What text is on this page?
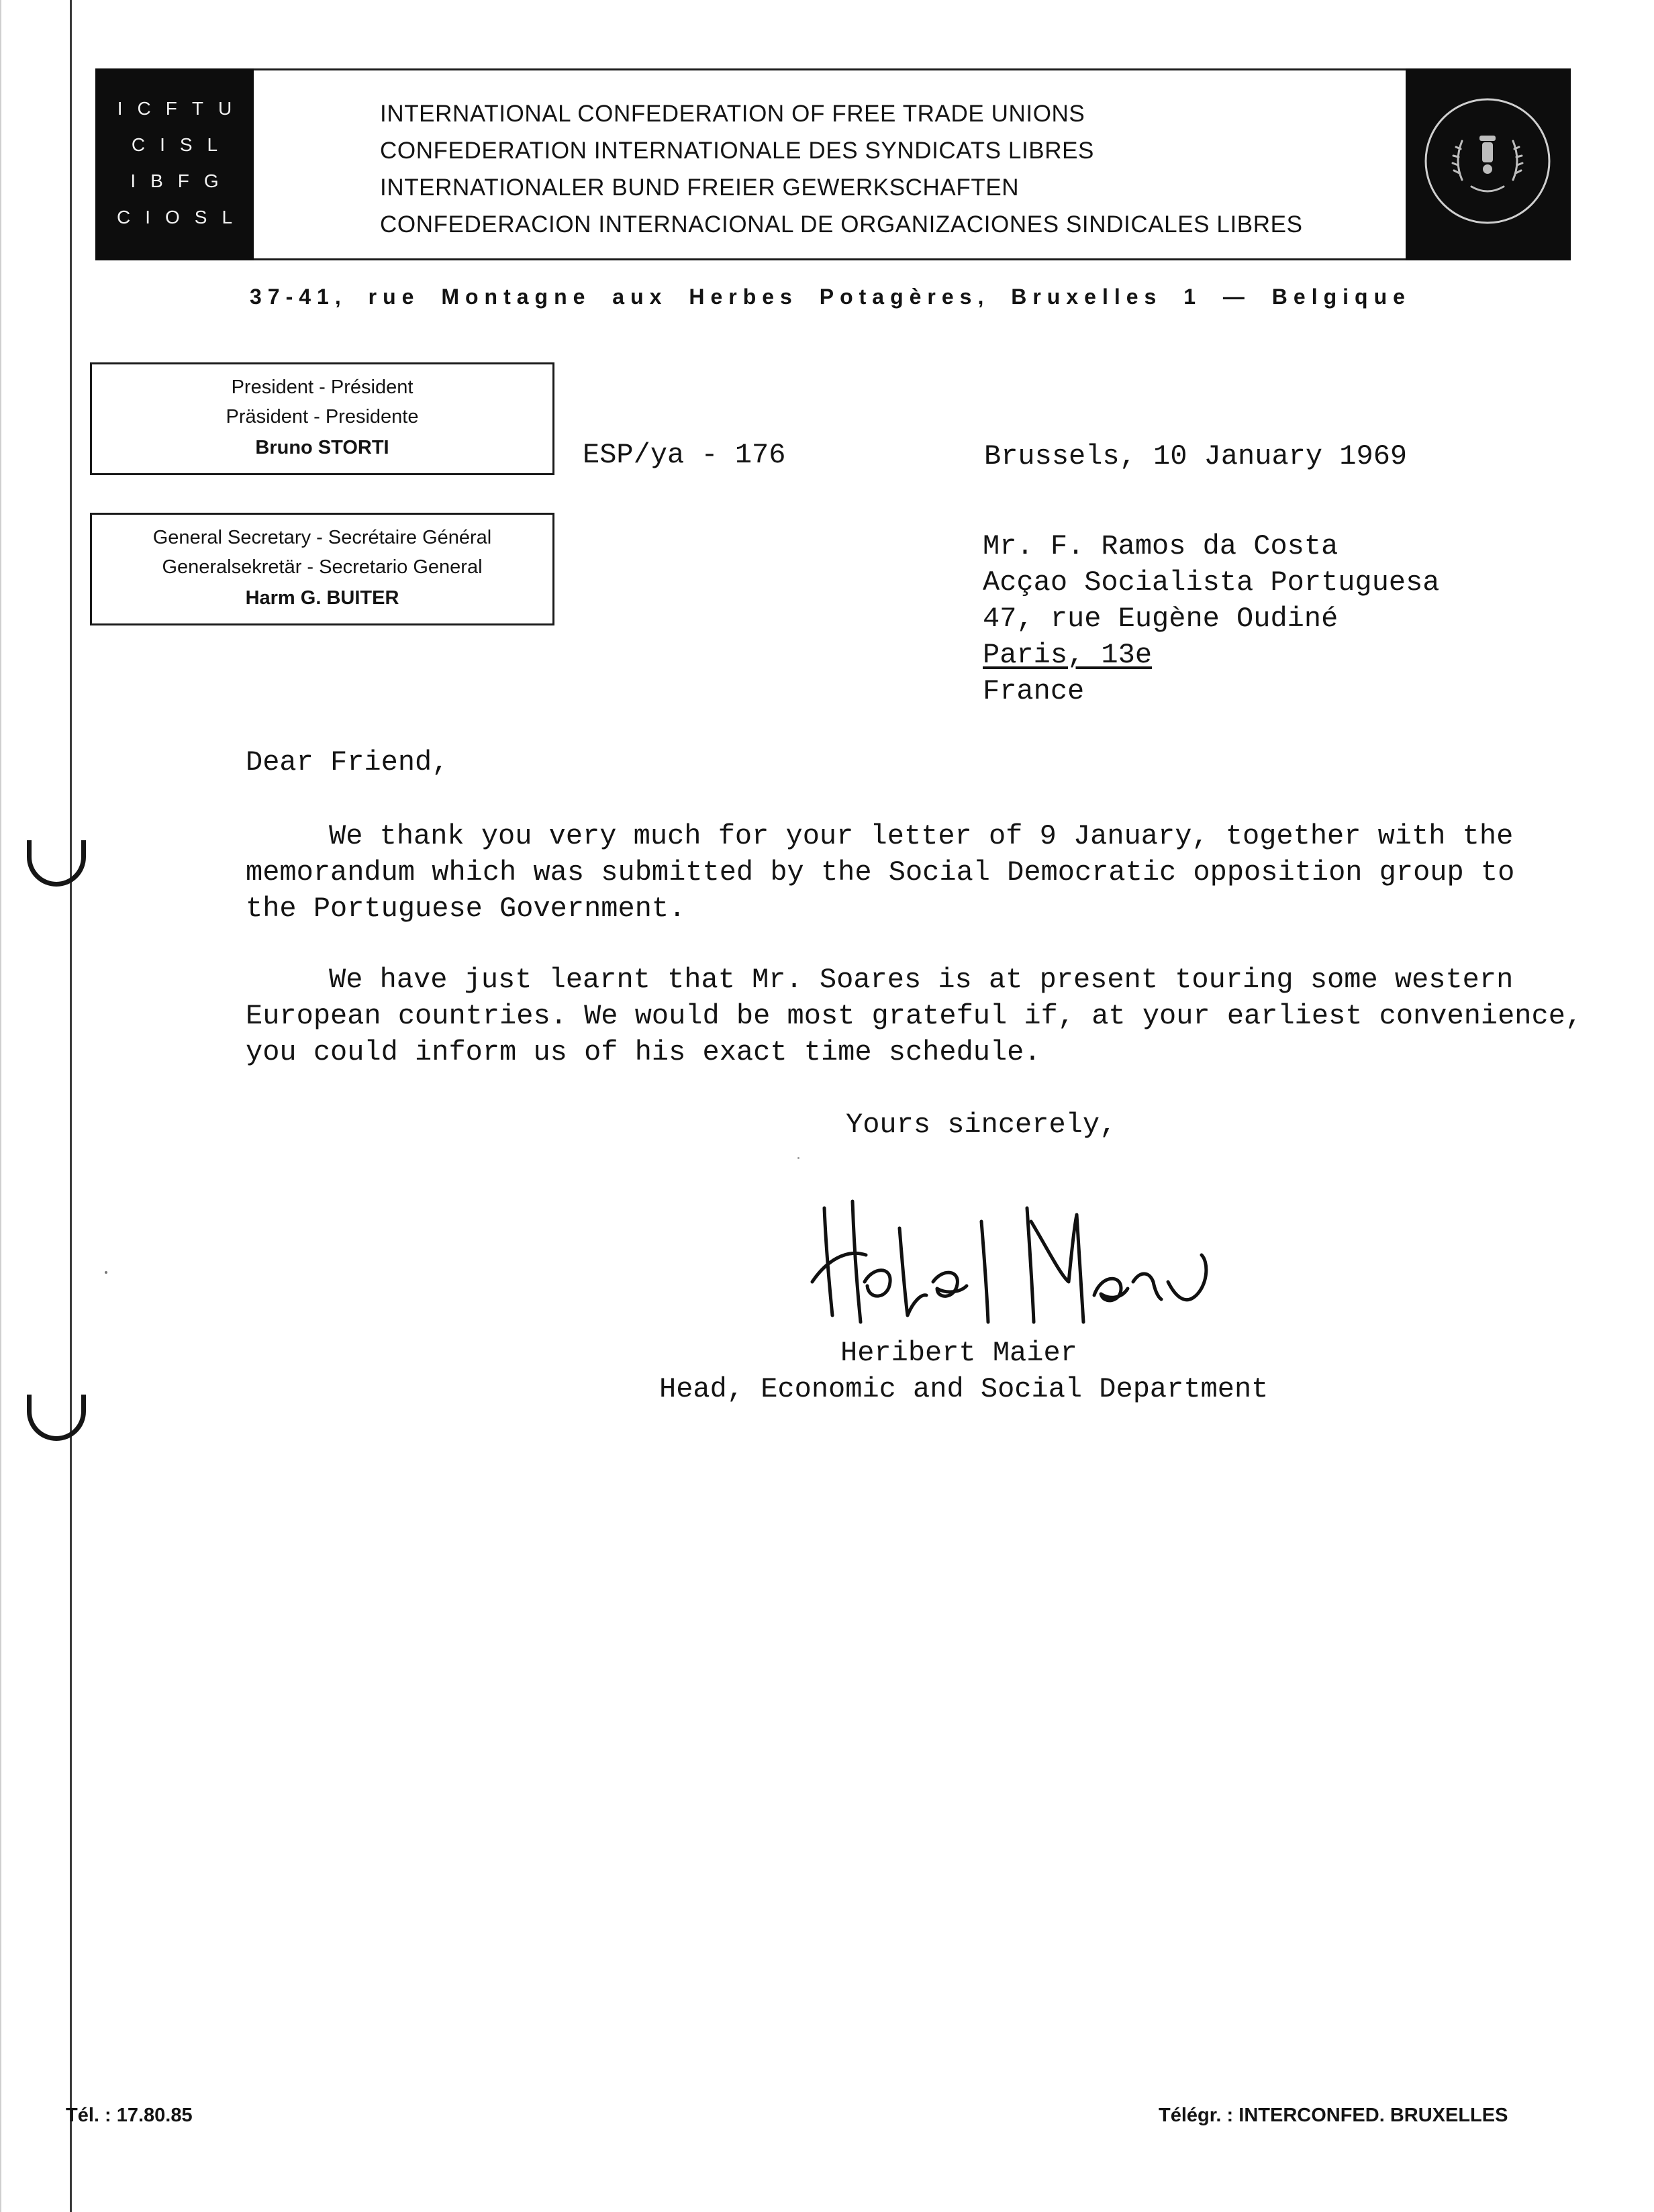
ICFTU
CISL
IBFG
CIOSL
INTERNATIONAL CONFEDERATION OF FREE TRADE UNIONS
CONFEDERATION INTERNATIONALE DES SYNDICATS LIBRES
INTERNATIONALER BUND FREIER GEWERKSCHAFTEN
CONFEDERACION INTERNACIONAL DE ORGANIZACIONES SINDICALES LIBRES
37-41, rue Montagne aux Herbes Potagères, Bruxelles 1 — Belgique
President - Président
Präsident - Presidente
Bruno STORTI
General Secretary - Secrétaire Général
Generalsekretär - Secretario General
Harm G. BUITER
ESP/ya - 176	Brussels, 10 January 1969
Mr. F. Ramos da Costa
Acçao Socialista Portuguesa
47, rue Eugène Oudiné
Paris, 13e
France
Dear Friend,
We thank you very much for your letter of 9 January, together with the
memorandum which was submitted by the Social Democratic opposition group to
the Portuguese Government.
We have just learnt that Mr. Soares is at present touring some western
European countries. We would be most grateful if, at your earliest convenience,
you could inform us of his exact time schedule.
Yours sincerely,
Heribert Maier
Head, Economic and Social Department
Tél. : 17.80.85	Télégr. : INTERCONFED. BRUXELLES
